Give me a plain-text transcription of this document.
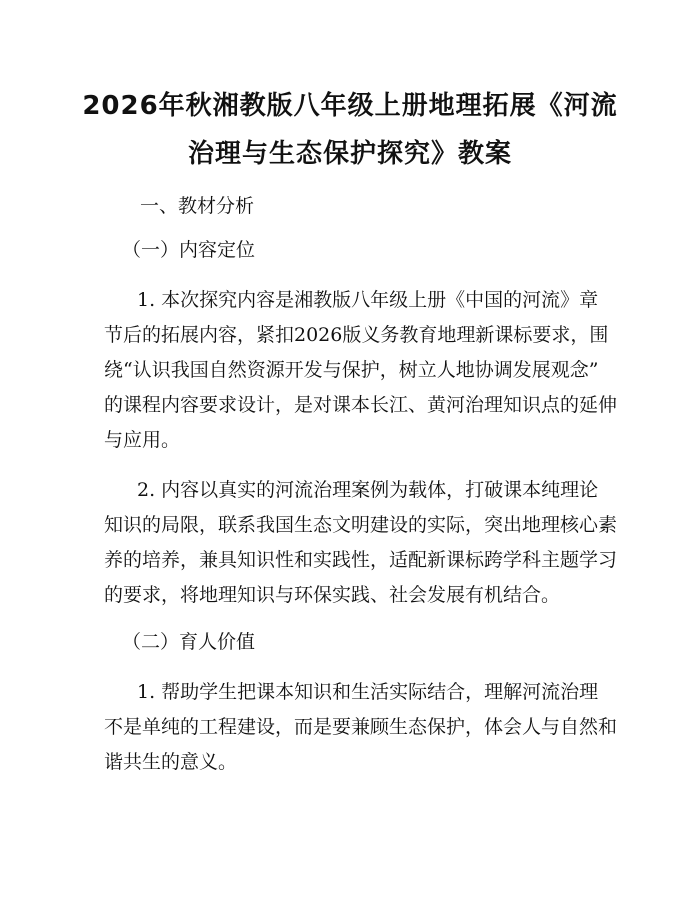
2026年秋湘教版八年级上册地理拓展《河流
治理与生态保护探究》教案
一、教材分析
（一）内容定位
1. 本次探究内容是湘教版八年级上册《中国的河流》章
节后的拓展内容，紧扣2026版义务教育地理新课标要求，围
绕“认识我国自然资源开发与保护，树立人地协调发展观念”
的课程内容要求设计，是对课本长江、黄河治理知识点的延伸
与应用。
2. 内容以真实的河流治理案例为载体，打破课本纯理论
知识的局限，联系我国生态文明建设的实际，突出地理核心素
养的培养，兼具知识性和实践性，适配新课标跨学科主题学习
的要求，将地理知识与环保实践、社会发展有机结合。
（二）育人价值
1. 帮助学生把课本知识和生活实际结合，理解河流治理
不是单纯的工程建设，而是要兼顾生态保护，体会人与自然和
谐共生的意义。
